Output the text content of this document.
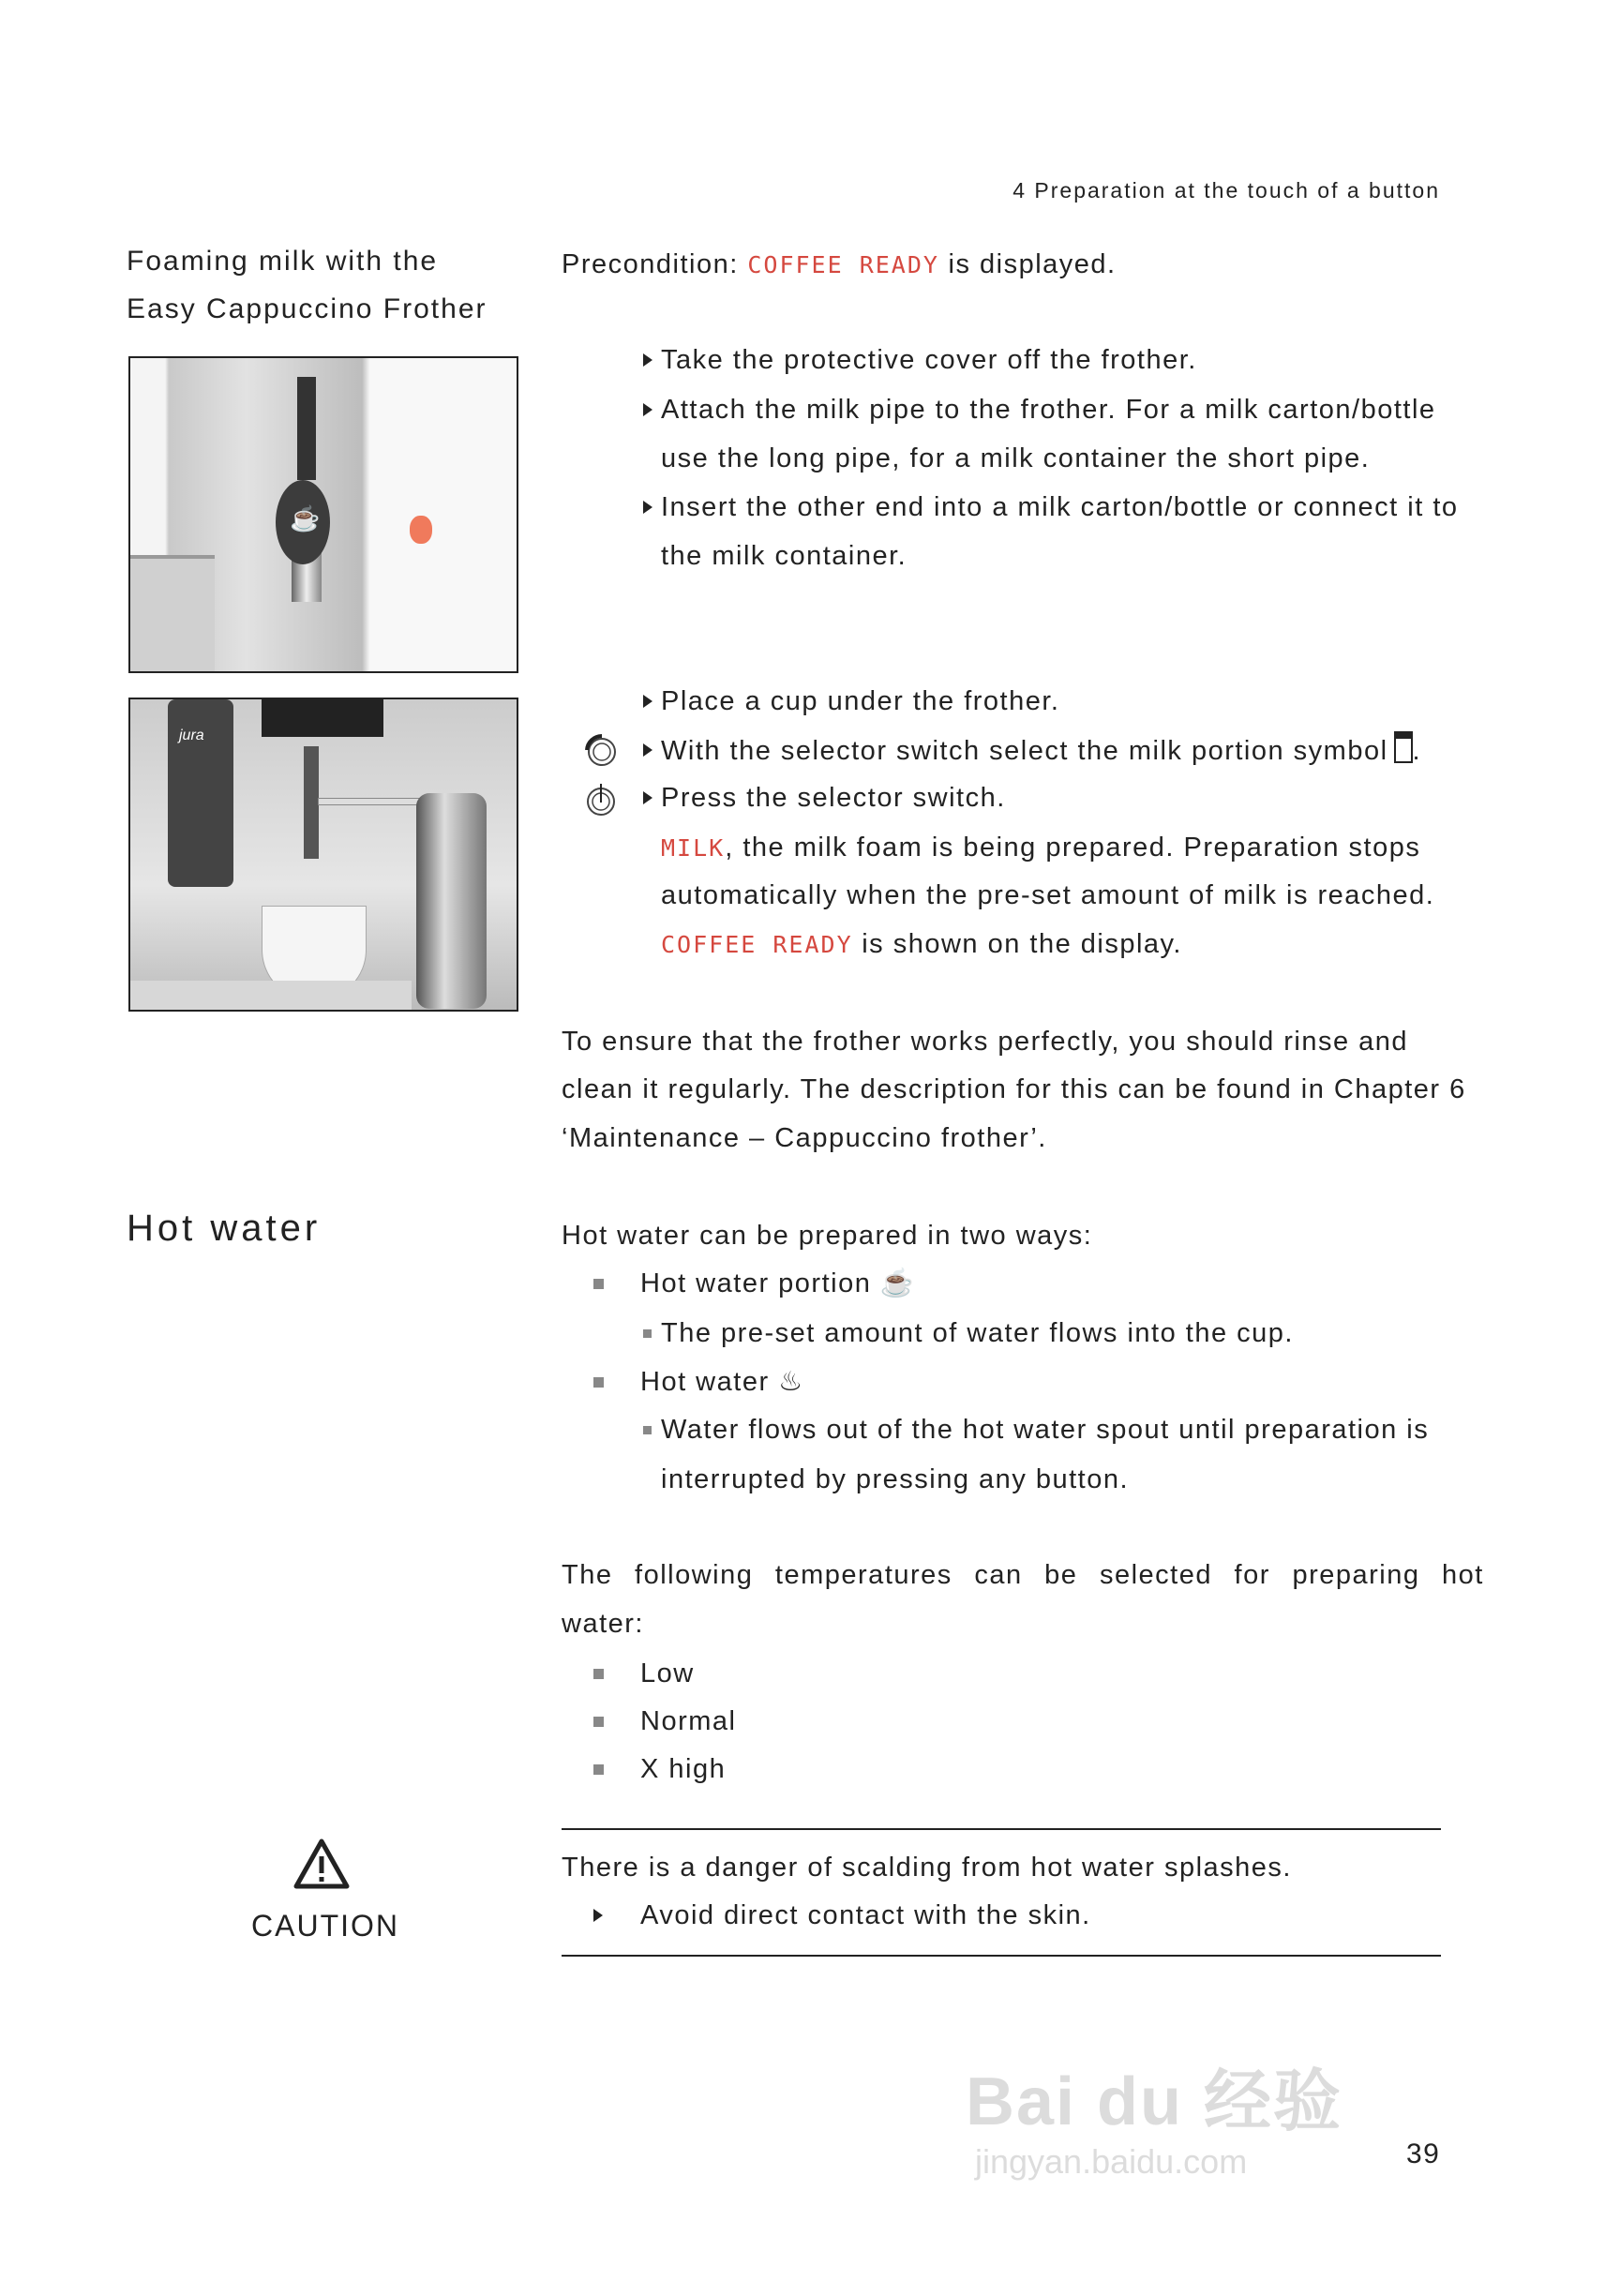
4 Preparation at the touch of a button
Foaming milk with the
Easy Cappuccino Frother
☕
jura
Precondition: COFFEE READY is displayed.
Take the protective cover off the frother.
Attach the milk pipe to the frother. For a milk carton/bottle
use the long pipe, for a milk container the short pipe.
Insert the other end into a milk carton/bottle or connect it to
the milk container.
Place a cup under the frother.
With the selector switch select the milk portion symbol .
Press the selector switch.
MILK, the milk foam is being prepared. Preparation stops
automatically when the pre-set amount of milk is reached.
COFFEE READY is shown on the display.
To ensure that the frother works perfectly, you should rinse and
clean it regularly. The description for this can be found in Chapter 6
‘Maintenance – Cappuccino frother’.
Hot water	Hot water can be prepared in two ways:
Hot water portion ☕
The pre-set amount of water flows into the cup.
Hot water ♨
Water flows out of the hot water spout until preparation is
interrupted by pressing any button.
The following temperatures can be selected for preparing hot
water:
Low
Normal
X high
CAUTION
There is a danger of scalding from hot water splashes.
Avoid direct contact with the skin.
Bai du 经验
jingyan.baidu.com	39
